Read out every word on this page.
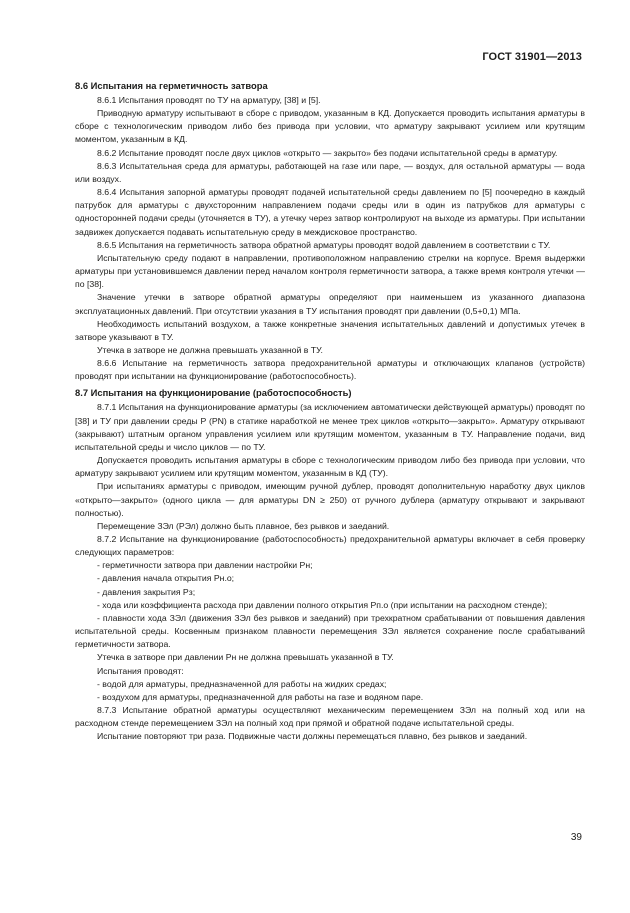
ГОСТ 31901—2013
8.6 Испытания на герметичность затвора

8.6.1 Испытания проводят по ТУ на арматуру, [38] и [5].

Приводную арматуру испытывают в сборе с приводом, указанным в КД. Допускается проводить испытания арматуры в сборе с технологическим приводом либо без привода при условии, что арматуру закрывают усилием или крутящим моментом, указанным в КД.

8.6.2 Испытание проводят после двух циклов «открыто — закрыто» без подачи испытательной среды в арматуру.

8.6.3 Испытательная среда для арматуры, работающей на газе или паре, — воздух, для остальной арматуры — вода или воздух.

8.6.4 Испытания запорной арматуры проводят подачей испытательной среды давлением по [5] поочередно в каждый патрубок для арматуры с двухсторонним направлением подачи среды или в один из патрубков для арматуры с односторонней подачи среды (уточняется в ТУ), а утечку через затвор контролируют на выходе из арматуры. При испытании задвижек допускается подавать испытательную среду в междисковое пространство.

8.6.5 Испытания на герметичность затвора обратной арматуры проводят водой давлением в соответствии с ТУ.

Испытательную среду подают в направлении, противоположном направлению стрелки на корпусе. Время выдержки арматуры при установившемся давлении перед началом контроля герметичности затвора, а также время контроля утечки — по [38].

Значение утечки в затворе обратной арматуры определяют при наименьшем из указанного диапазона эксплуатационных давлений. При отсутствии указания в ТУ испытания проводят при давлении (0,5+0,1) МПа.

Необходимость испытаний воздухом, а также конкретные значения испытательных давлений и допустимых утечек в затворе указывают в ТУ.

Утечка в затворе не должна превышать указанной в ТУ.

8.6.6 Испытание на герметичность затвора предохранительной арматуры и отключающих клапанов (устройств) проводят при испытании на функционирование (работоспособность).

8.7 Испытания на функционирование (работоспособность)

8.7.1 Испытания на функционирование арматуры (за исключением автоматически действующей арматуры) проводят по [38] и ТУ при давлении среды P (PN) в статике наработкой не менее трех циклов «открыто—закрыто». Арматуру открывают (закрывают) штатным органом управления усилием или крутящим моментом, указанным в ТУ. Направление подачи, вид испытательной среды и число циклов — по ТУ.

Допускается проводить испытания арматуры в сборе с технологическим приводом либо без привода при условии, что арматуру закрывают усилием или крутящим моментом, указанным в КД (ТУ).

При испытаниях арматуры с приводом, имеющим ручной дублер, проводят дополнительную наработку двух циклов «открыто—закрыто» (одного цикла — для арматуры DN ≥ 250) от ручного дублера (арматуру открывают и закрывают полностью).

Перемещение ЗЭл (РЭл) должно быть плавное, без рывков и заеданий.

8.7.2 Испытание на функционирование (работоспособность) предохранительной арматуры включает в себя проверку следующих параметров:

- герметичности затвора при давлении настройки Pн;

- давления начала открытия Pн.о;

- давления закрытия Pз;

- хода или коэффициента расхода при давлении полного открытия Pп.о (при испытании на расходном стенде);

- плавности хода ЗЭл (движения ЗЭл без рывков и заеданий) при трехкратном срабатывании от повышения давления испытательной среды. Косвенным признаком плавности перемещения ЗЭл является сохранение после срабатываний герметичности затвора.

Утечка в затворе при давлении Pн не должна превышать указанной в ТУ.

Испытания проводят:

- водой для арматуры, предназначенной для работы на жидких средах;

- воздухом для арматуры, предназначенной для работы на газе и водяном паре.

8.7.3 Испытание обратной арматуры осуществляют механическим перемещением ЗЭл на полный ход или на расходном стенде перемещением ЗЭл на полный ход при прямой и обратной подаче испытательной среды.

Испытание повторяют три раза. Подвижные части должны перемещаться плавно, без рывков и заеданий.

39
